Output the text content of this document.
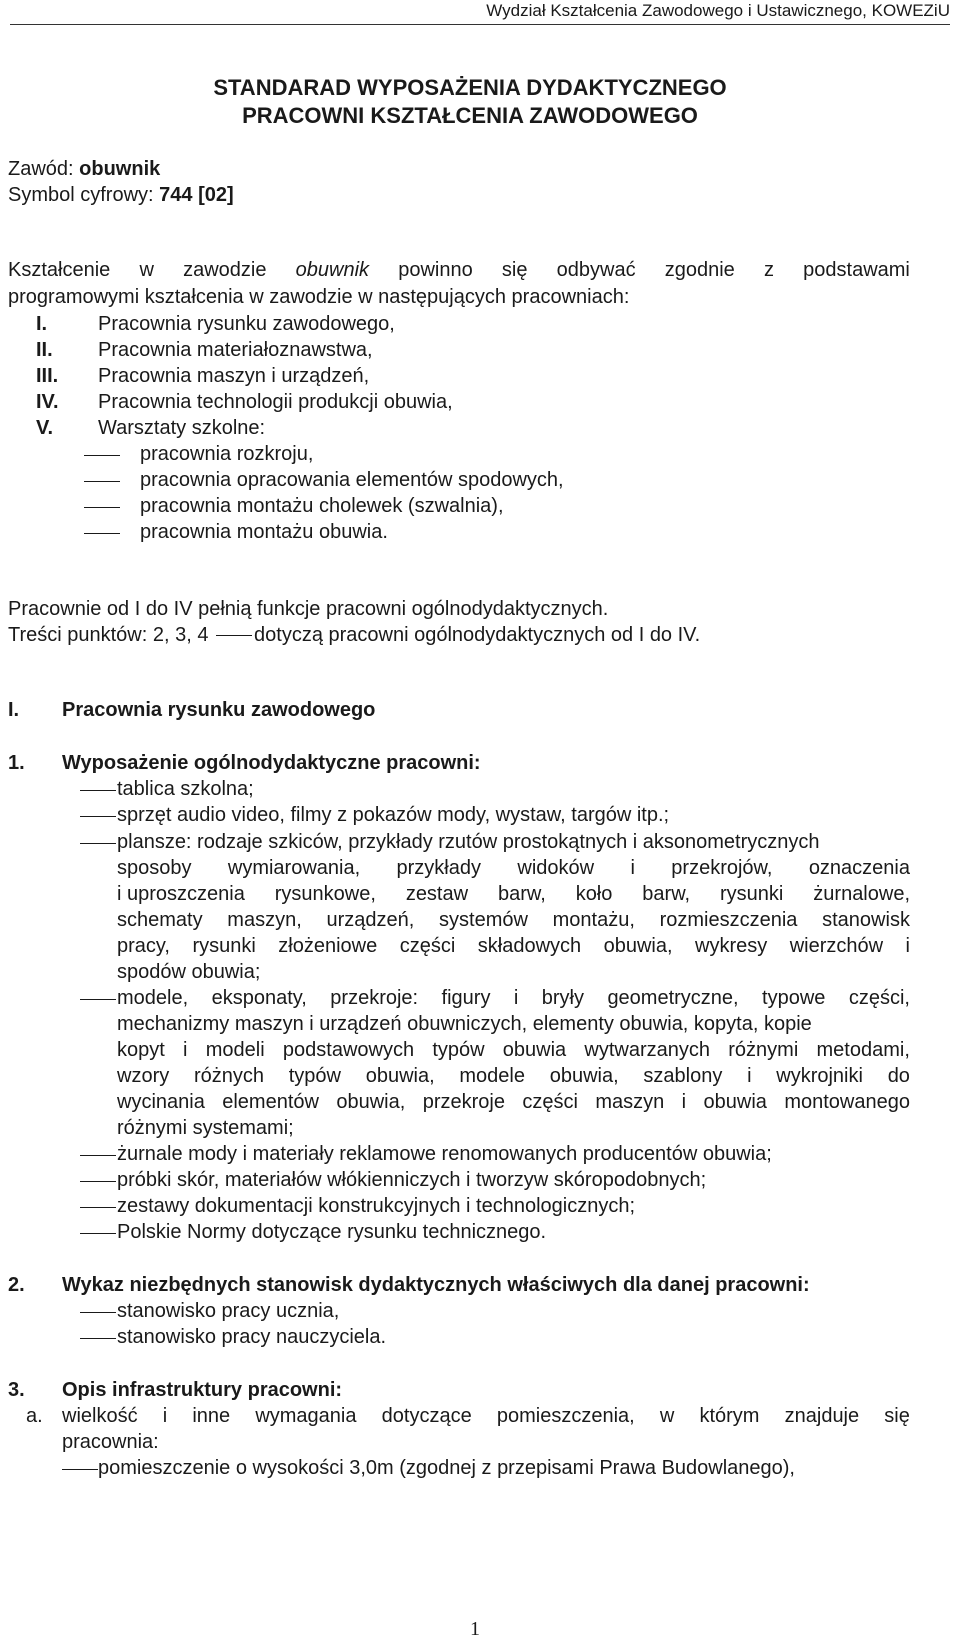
Wydział Kształcenia Zawodowego i Ustawicznego, KOWEZiU
STANDARAD WYPOSAŻENIA DYDAKTYCZNEGO
PRACOWNI KSZTAŁCENIA ZAWODOWEGO
Zawód: obuwnik
Symbol cyfrowy: 744 [02]
Kształcenie w zawodzie obuwnik powinno się odbywać zgodnie z podstawami
programowymi kształcenia w zawodzie w następujących pracowniach:
I.	Pracownia rysunku zawodowego,
II. Pracownia materiałoznawstwa,
III. Pracownia maszyn i urządzeń,
IV. Pracownia technologii produkcji obuwia,
V. Warsztaty szkolne:
pracownia rozkroju,
pracownia opracowania elementów spodowych,
pracownia montażu cholewek (szwalnia),
pracownia montażu obuwia.
Pracownie od I do IV pełnią funkcje pracowni ogólnodydaktycznych.
Treści punktów: 2, 3, 4 dotyczą pracowni ogólnodydaktycznych od I do IV.
I. Pracownia rysunku zawodowego
1. Wyposażenie ogólnodydaktyczne pracowni:
tablica szkolna;
sprzęt audio video, filmy z pokazów mody, wystaw, targów itp.;
plansze: rodzaje szkiców, przykłady rzutów prostokątnych i aksonometrycznych
sposoby wymiarowania, przykłady widoków i przekrojów, oznaczenia
i uproszczenia rysunkowe, zestaw barw, koło barw, rysunki żurnalowe,
schematy maszyn, urządzeń, systemów montażu, rozmieszczenia stanowisk
pracy, rysunki złożeniowe części składowych obuwia, wykresy wierzchów i
spodów obuwia;
modele, eksponaty, przekroje: figury i bryły geometryczne, typowe części,
mechanizmy maszyn i urządzeń obuwniczych, elementy obuwia, kopyta, kopie
kopyt i modeli podstawowych typów obuwia wytwarzanych różnymi metodami,
wzory różnych typów obuwia, modele obuwia, szablony i wykrojniki do
wycinania elementów obuwia, przekroje części maszyn i obuwia montowanego
różnymi systemami;
żurnale mody i materiały reklamowe renomowanych producentów obuwia;
próbki skór, materiałów włókienniczych i tworzyw skóropodobnych;
zestawy dokumentacji konstrukcyjnych i technologicznych;
Polskie Normy dotyczące rysunku technicznego.
2. Wykaz niezbędnych stanowisk dydaktycznych właściwych dla danej pracowni:
stanowisko pracy ucznia,
stanowisko pracy nauczyciela.
3. Opis infrastruktury pracowni:
a. wielkość i inne wymagania dotyczące pomieszczenia, w którym znajduje się
pracownia:
pomieszczenie o wysokości 3,0m (zgodnej z przepisami Prawa Budowlanego),
1
